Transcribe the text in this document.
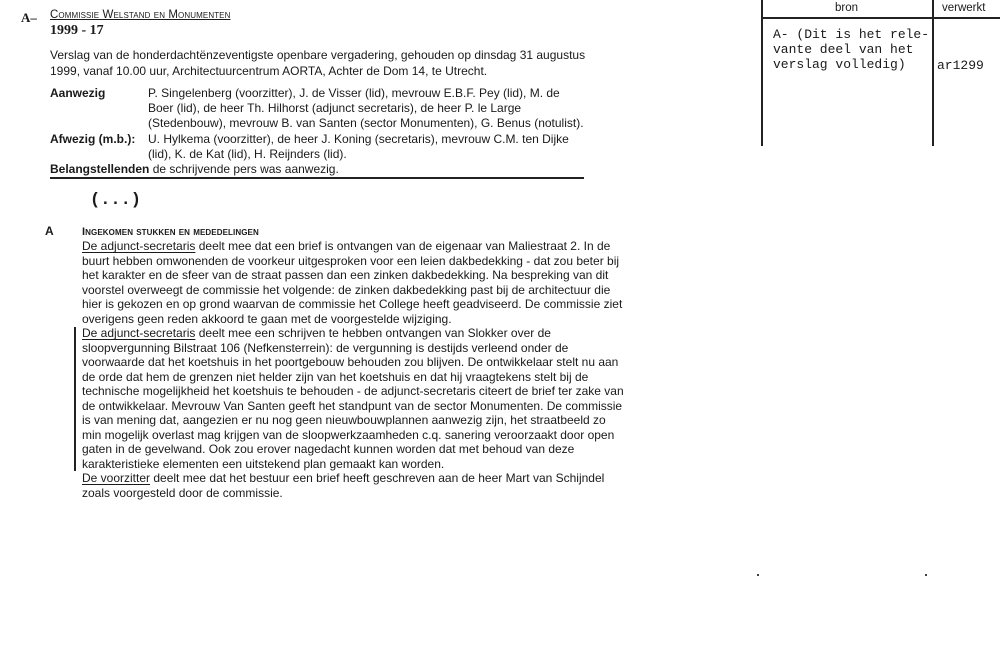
A– Commissie Welstand en Monumenten
1999 - 17
Verslag van de honderdachtënzeventigste openbare vergadering, gehouden op dinsdag 31 augustus
1999, vanaf 10.00 uur, Architectuurcentrum AORTA, Achter de Dom 14, te Utrecht.
Aanwezig	P. Singelenberg (voorzitter), J. de Visser (lid), mevrouw E.B.F. Pey (lid), M. de
Boer (lid), de heer Th. Hilhorst (adjunct secretaris), de heer P. le Large
(Stedenbouw), mevrouw B. van Santen (sector Monumenten), G. Benus (notulist).
Afwezig (m.b.): U. Hylkema (voorzitter), de heer J. Koning (secretaris), mevrouw C.M. ten Dijke
(lid), K. de Kat (lid), H. Reijnders (lid).
Belangstellenden de schrijvende pers was aanwezig.
(...)
A	Ingekomen stukken en mededelingen
De adjunct-secretaris deelt mee dat een brief is ontvangen van de eigenaar van Maliestraat 2. In de
buurt hebben omwonenden de voorkeur uitgesproken voor een leien dakbedekking - dat zou beter bij
het karakter en de sfeer van de straat passen dan een zinken dakbedekking. Na bespreking van dit
voorstel overweegt de commissie het volgende: de zinken dakbedekking past bij de architectuur die
hier is gekozen en op grond waarvan de commissie het College heeft geadviseerd. De commissie ziet
overigens geen reden akkoord te gaan met de voorgestelde wijziging.
De adjunct-secretaris deelt mee een schrijven te hebben ontvangen van Slokker over de
sloopvergunning Bilstraat 106 (Nefkensterrein): de vergunning is destijds verleend onder de
voorwaarde dat het koetshuis in het poortgebouw behouden zou blijven. De ontwikkelaar stelt nu aan
de orde dat hem de grenzen niet helder zijn van het koetshuis en dat hij vraagtekens stelt bij de
technische mogelijkheid het koetshuis te behouden - de adjunct-secretaris citeert de brief ter zake van
de ontwikkelaar. Mevrouw Van Santen geeft het standpunt van de sector Monumenten. De commissie
is van mening dat, aangezien er nu nog geen nieuwbouwplannen aanwezig zijn, het straatbeeld zo
min mogelijk overlast mag krijgen van de sloopwerkzaamheden c.q. sanering veroorzaakt door open
gaten in de gevelwand. Ook zou erover nagedacht kunnen worden dat met behoud van deze
karakteristieke elementen een uitstekend plan gemaakt kan worden.
De voorzitter deelt mee dat het bestuur een brief heeft geschreven aan de heer Mart van Schijndel
zoals voorgesteld door de commissie.
bron	verwerkt
A- (Dit is het rele-
vante deel van het
verslag volledig)	ar1299
